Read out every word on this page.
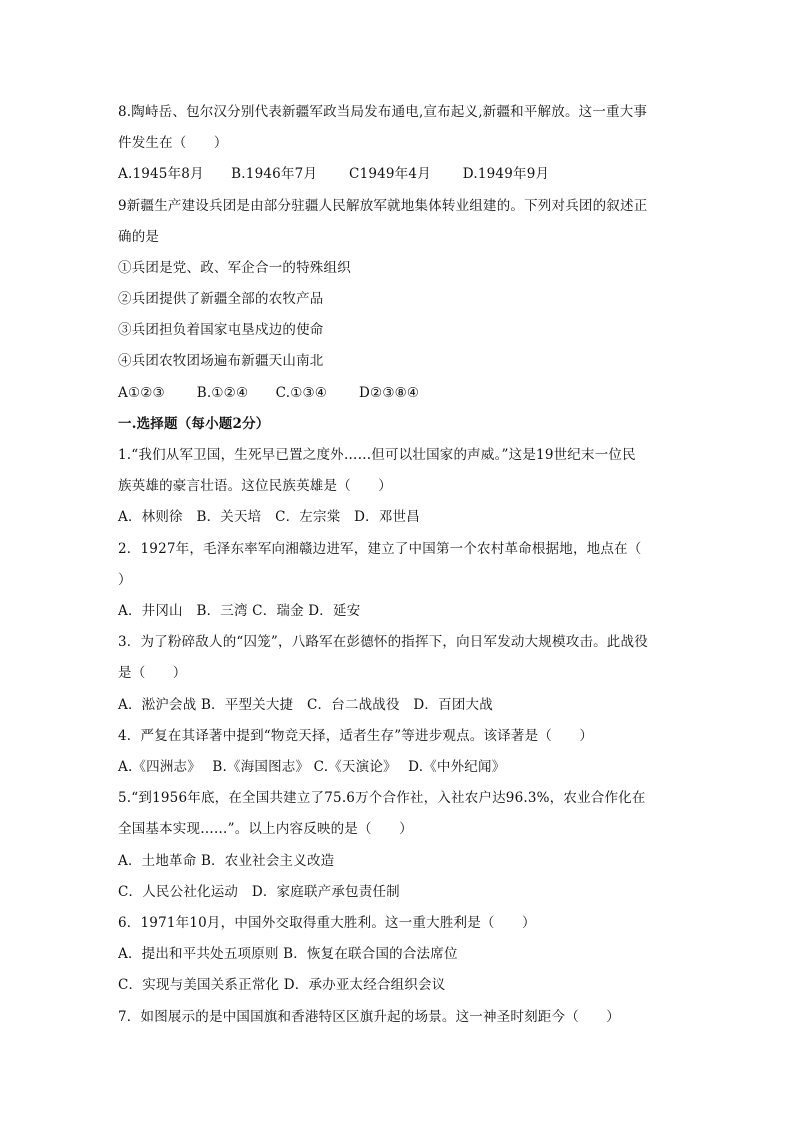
8.陶峙岳、包尔汉分别代表新疆军政当局发布通电,宣布起义,新疆和平解放。这一重大事
件发生在（　　）
A.1945年8月　　B.1946年7月　　 C1949年4月　　 D.1949年9月
9新疆生产建设兵团是由部分驻疆人民解放军就地集体转业组建的。下列对兵团的叙述正
确的是
①兵团是党、政、军企合一的特殊组织
②兵团提供了新疆全部的农牧产品
③兵团担负着国家屯垦戍边的使命
④兵团农牧团场遍布新疆天山南北
A①②③　　 B.①②④　　C.①③④　　 D②③⑧④
一.选择题（每小题2分）
1.“我们从军卫国，生死早已置之度外……但可以壮国家的声威。”这是19世纪末一位民
族英雄的豪言壮语。这位民族英雄是（　　）
A．林则徐　B．关天培　C．左宗棠　D．邓世昌
2．1927年，毛泽东率军向湘赣边进军，建立了中国第一个农村革命根据地，地点在（
）
A．井冈山　B．三湾 C．瑞金 D．延安
3．为了粉碎敌人的“囚笼”，八路军在彭德怀的指挥下，向日军发动大规模攻击。此战役
是（　　）
A．淞沪会战 B．平型关大捷　C．台二战战役　D．百团大战
4．严复在其译著中提到“物竞天择，适者生存”等进步观点。该译著是（　　）
A.《四洲志》　 B.《海国图志》 C.《天演论》　 D.《中外纪闻》
5.“到1956年底，在全国共建立了75.6万个合作社，入社农户达96.3%，农业合作化在
全国基本实现……”。以上内容反映的是（　　）
A．土地革命 B．农业社会主义改造
C．人民公社化运动　D．家庭联产承包责任制
6．1971年10月，中国外交取得重大胜利。这一重大胜利是（　　）
A．提出和平共处五项原则 B．恢复在联合国的合法席位
C．实现与美国关系正常化 D．承办亚太经合组织会议
7．如图展示的是中国国旗和香港特区区旗升起的场景。这一神圣时刻距今（　　）
